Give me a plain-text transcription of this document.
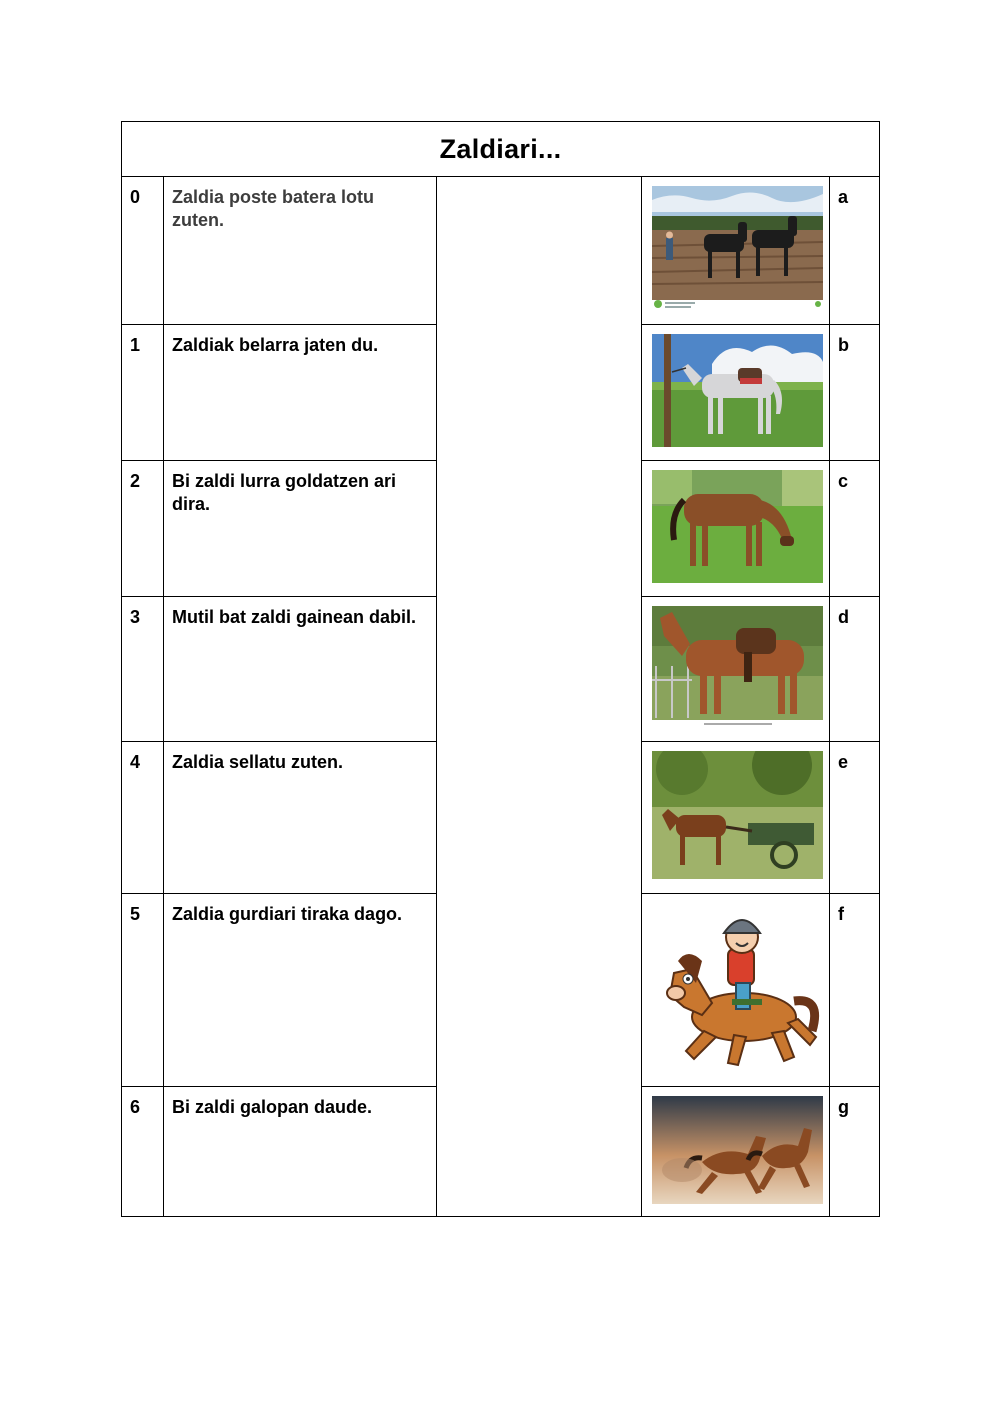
Zaldiari...				
0	Zaldia poste batera lotu zuten.			a
1	Zaldiak belarra jaten du.			b
2	Bi zaldi lurra goldatzen ari dira.			c
3	Mutil bat zaldi gainean dabil.			d
4	Zaldia sellatu zuten.			e
5	Zaldia gurdiari tiraka dago.			f
6	Bi zaldi galopan daude.			g
